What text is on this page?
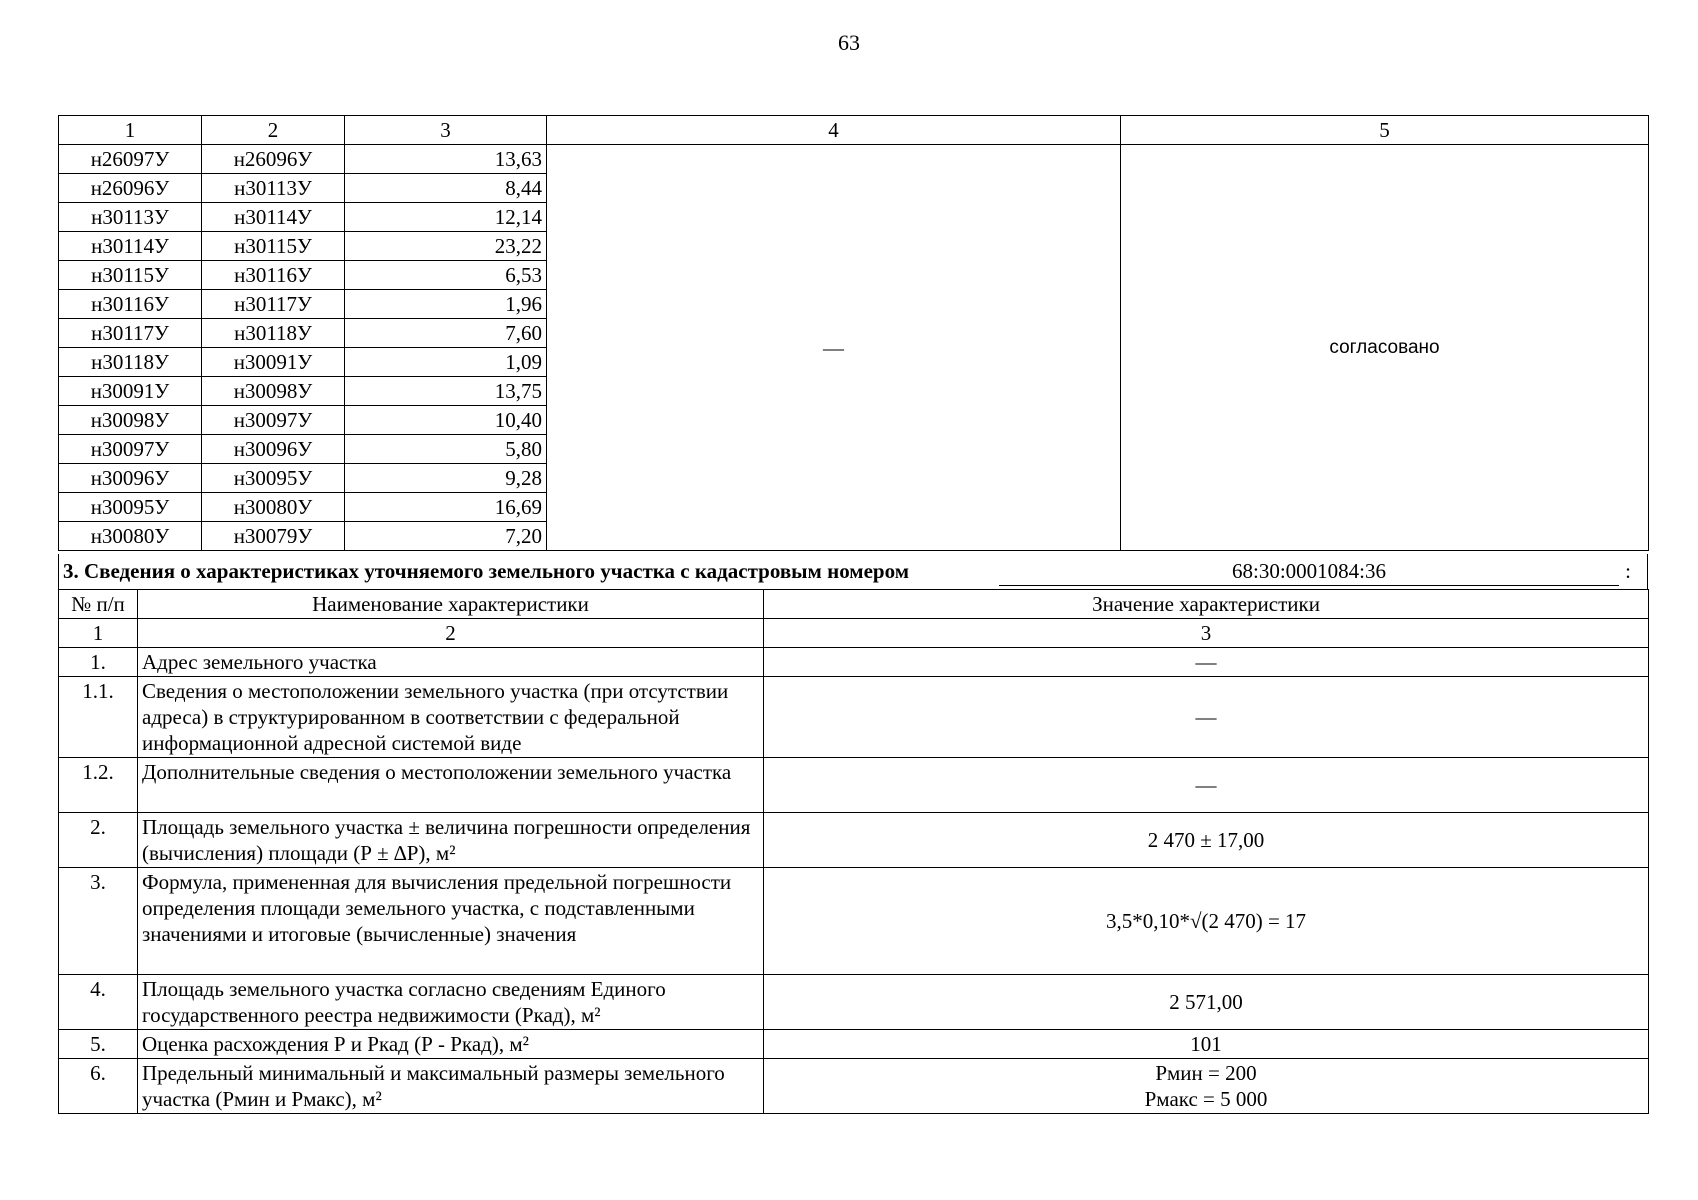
63
1	2	3	4	5
н26097У	н26096У	13,63	—	согласовано
н26096У	н30113У	8,44		
н30113У	н30114У	12,14		
н30114У	н30115У	23,22		
н30115У	н30116У	6,53		
н30116У	н30117У	1,96		
н30117У	н30118У	7,60		
н30118У	н30091У	1,09		
н30091У	н30098У	13,75		
н30098У	н30097У	10,40		
н30097У	н30096У	5,80		
н30096У	н30095У	9,28		
н30095У	н30080У	16,69		
н30080У	н30079У	7,20		
3. Сведения о характеристиках уточняемого земельного участка с кадастровым номером	68:30:0001084:36	:
№ п/п	Наименование характеристики	Значение характеристики
1	2	3
1.	Адрес земельного участка	—
1.1.	Сведения о местоположении земельного участка (при отсутствии адреса) в структурированном в соответствии с федеральной информационной адресной системой виде	—
1.2.	Дополнительные сведения о местоположении земельного участка	—
2.	Площадь земельного участка ± величина погрешности определения (вычисления) площади (Р ± ∆Р), м²	2 470 ± 17,00
3.	Формула, примененная для вычисления предельной погрешности определения площади земельного участка, с подставленными значениями и итоговые (вычисленные) значения	3,5*0,10*√(2 470) = 17
4.	Площадь земельного участка согласно сведениям Единого государственного реестра недвижимости (Ркад), м²	2 571,00
5.	Оценка расхождения Р и Ркад (Р - Ркад), м²	101
6.	Предельный минимальный и максимальный размеры земельного участка (Рмин и Рмакс), м²	Рмин = 200
Рмакс = 5 000
